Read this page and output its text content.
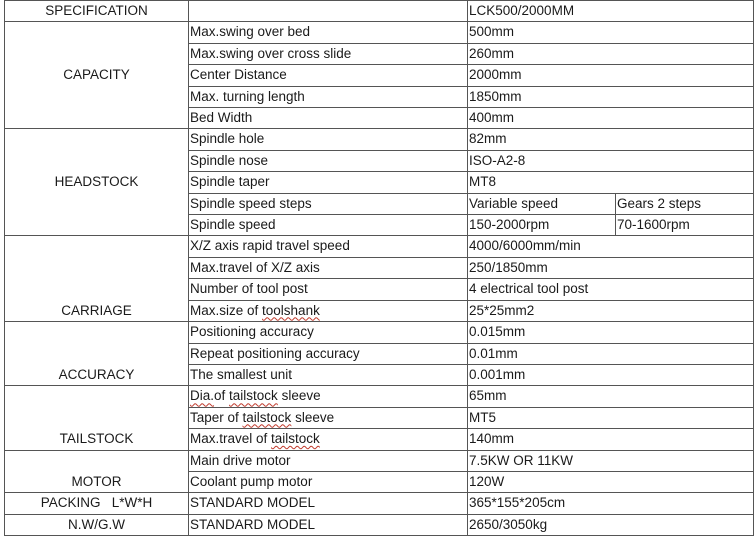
SPECIFICATION		LCK500/2000MM	
CAPACITY	Max.swing over bed	500mm	
	Max.swing over cross slide	260mm	
	Center Distance	2000mm	
	Max. turning length	1850mm	
	Bed Width	400mm	
HEADSTOCK	Spindle hole	82mm	
	Spindle nose	ISO-A2-8	
	Spindle taper	MT8	
	Spindle speed steps	Variable speed	Gears 2 steps
	Spindle speed	150-2000rpm	70-1600rpm
CARRIAGE	X/Z axis rapid travel speed	4000/6000mm/min	
	Max.travel of X/Z axis	250/1850mm	
	Number of tool post	4 electrical tool post	
	Max.size of toolshank	25*25mm2	
ACCURACY	Positioning accuracy	0.015mm	
	Repeat positioning accuracy	0.01mm	
	The smallest unit	0.001mm	
TAILSTOCK	Dia.of tailstock sleeve	65mm	
	Taper of tailstock sleeve	MT5	
	Max.travel of tailstock	140mm	
MOTOR	Main drive motor	7.5KW OR 11KW	
	Coolant pump motor	120W	
PACKING   L*W*H	STANDARD MODEL	365*155*205cm	
N.W/G.W	STANDARD MODEL	2650/3050kg	
